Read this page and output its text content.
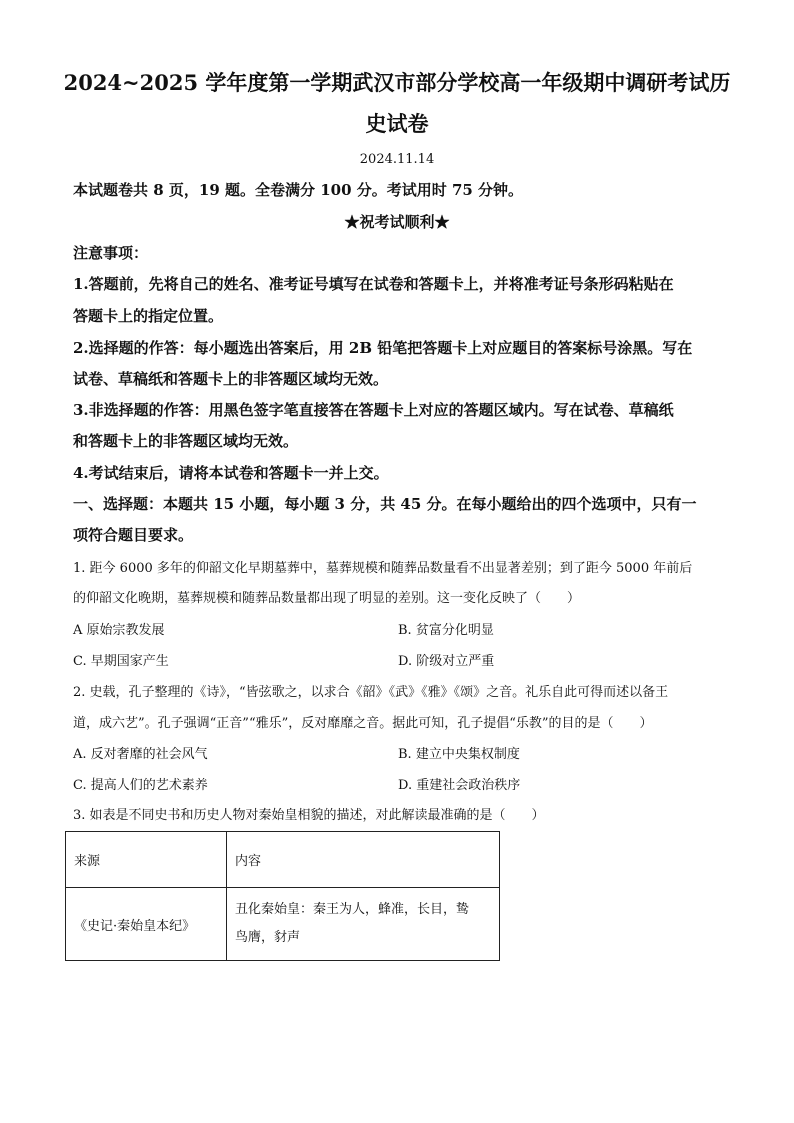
2024~2025 学年度第一学期武汉市部分学校高一年级期中调研考试历
史试卷
2024.11.14
本试题卷共 8 页，19 题。全卷满分 100 分。考试用时 75 分钟。
★祝考试顺利★
注意事项：
1.答题前，先将自己的姓名、准考证号填写在试卷和答题卡上，并将准考证号条形码粘贴在
答题卡上的指定位置。
2.选择题的作答：每小题选出答案后，用 2B 铅笔把答题卡上对应题目的答案标号涂黑。写在
试卷、草稿纸和答题卡上的非答题区域均无效。
3.非选择题的作答：用黑色签字笔直接答在答题卡上对应的答题区域内。写在试卷、草稿纸
和答题卡上的非答题区域均无效。
4.考试结束后，请将本试卷和答题卡一并上交。
一、选择题：本题共 15 小题，每小题 3 分，共 45 分。在每小题给出的四个选项中，只有一
项符合题目要求。
1. 距今 6000 多年的仰韶文化早期墓葬中，墓葬规模和随葬品数量看不出显著差别；到了距今 5000 年前后
的仰韶文化晚期，墓葬规模和随葬品数量都出现了明显的差别。这一变化反映了（　　）
A 原始宗教发展	B. 贫富分化明显
C. 早期国家产生	D. 阶级对立严重
2. 史载，孔子整理的《诗》，“皆弦歌之，以求合《韶》《武》《雅》《颂》之音。礼乐自此可得而述以备王
道，成六艺”。孔子强调“正音”“雅乐”，反对靡靡之音。据此可知，孔子提倡“乐教”的目的是（　　）
A. 反对奢靡的社会风气	B. 建立中央集权制度
C. 提高人们的艺术素养	D. 重建社会政治秩序
3. 如表是不同史书和历史人物对秦始皇相貌的描述，对此解读最准确的是（　　）
来源	内容
《史记·秦始皇本纪》	丑化秦始皇：秦王为人，蜂准，长目，鸷
鸟膺，豺声
